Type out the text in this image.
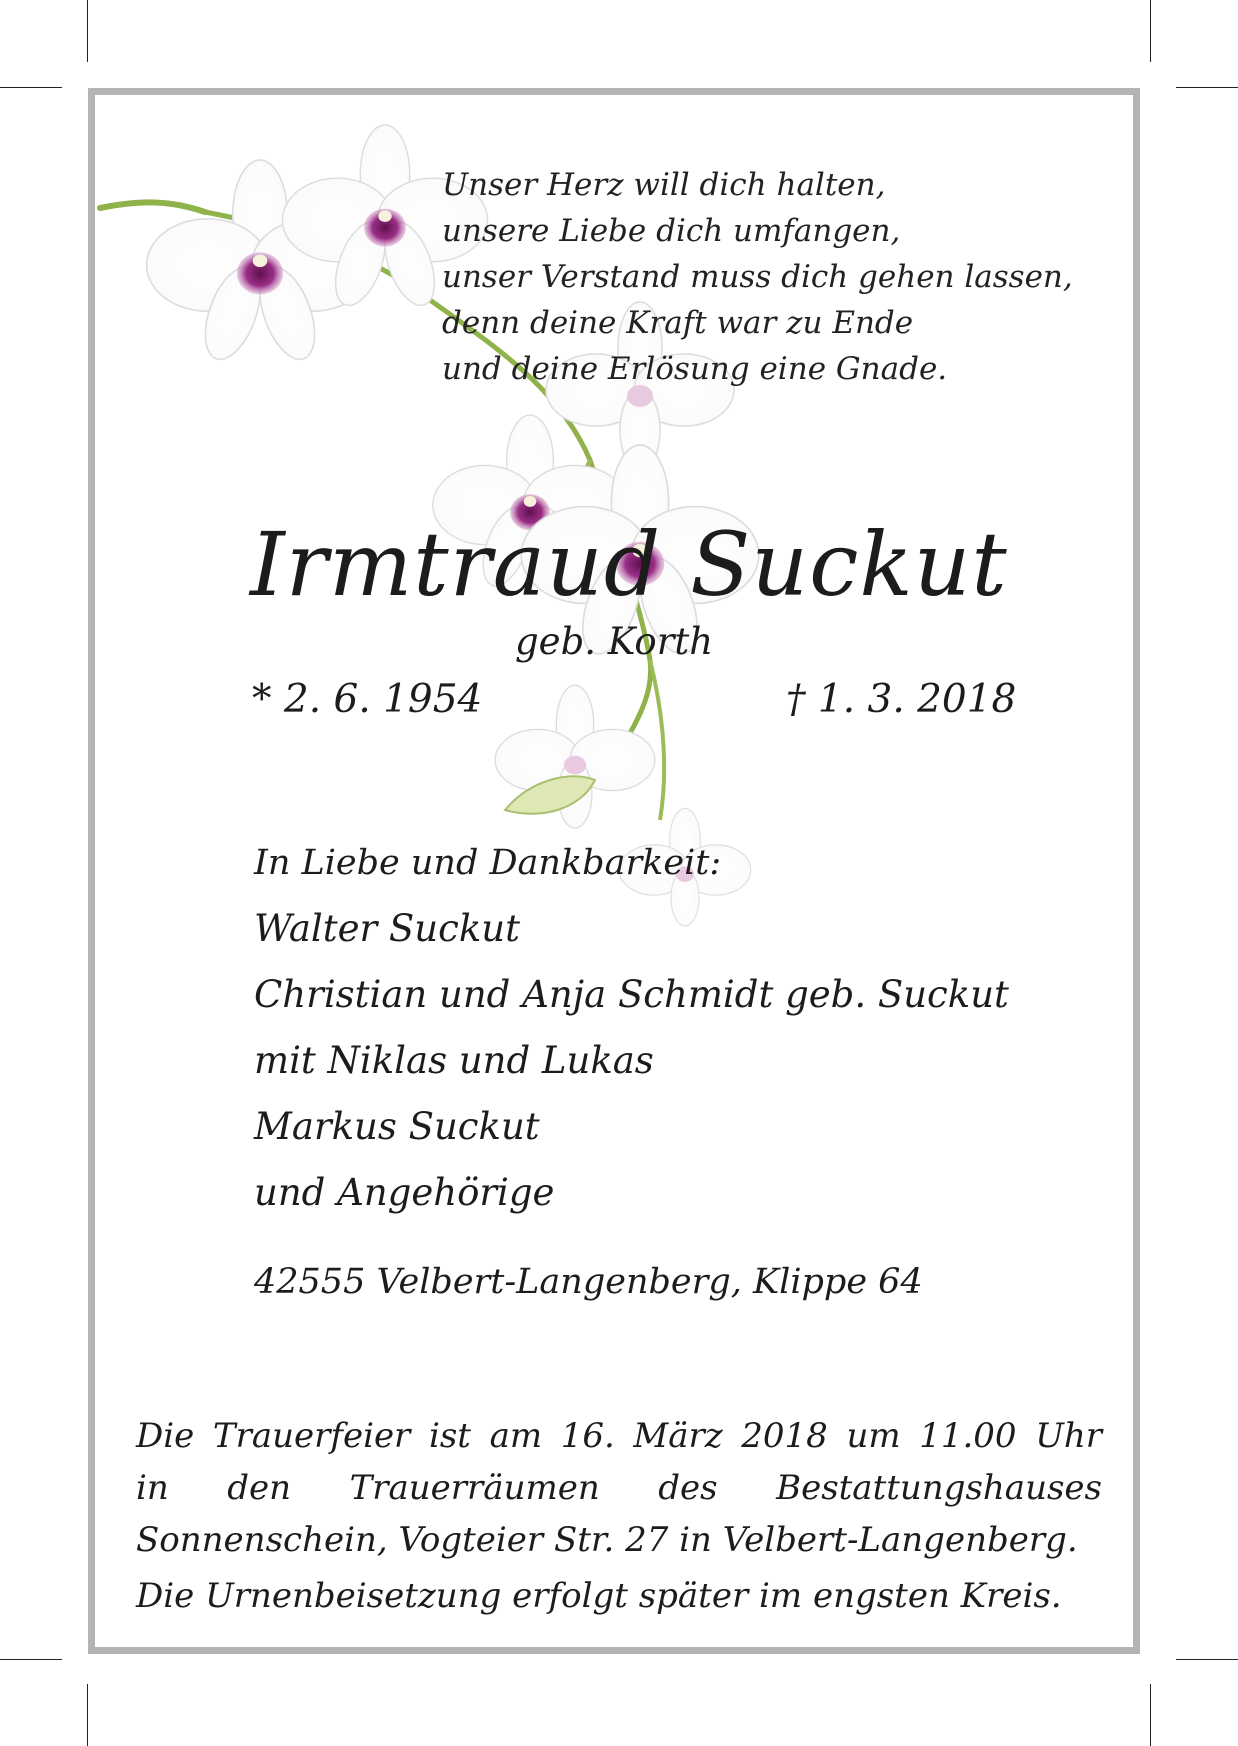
Unser Herz will dich halten,
unsere Liebe dich umfangen,
unser Verstand muss dich gehen lassen,
denn deine Kraft war zu Ende
und deine Erlösung eine Gnade.
Irmtraud Suckut
geb. Korth
* 2. 6. 1954	† 1. 3. 2018
In Liebe und Dankbarkeit:
Walter Suckut
Christian und Anja Schmidt geb. Suckut
mit Niklas und Lukas
Markus Suckut
und Angehörige
42555 Velbert-Langenberg, Klippe 64
Die Trauerfeier ist am 16. März 2018 um 11.00 Uhr
in den Trauerräumen des Bestattungshauses
Sonnenschein, Vogteier Str. 27 in Velbert-Langenberg.
Die Urnenbeisetzung erfolgt später im engsten Kreis.
